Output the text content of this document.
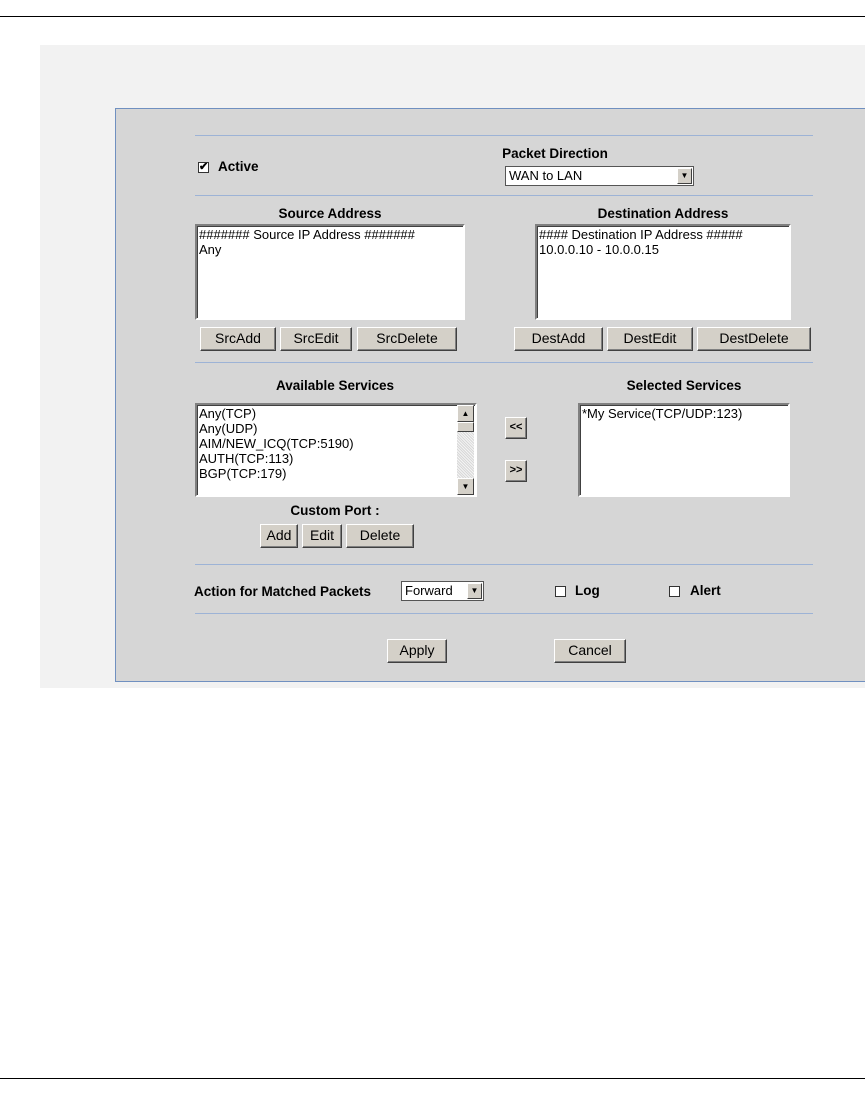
✔ Active
Packet Direction
WAN to LAN	▼
Source Address	Destination Address
####### Source IP Address #######
Any
#### Destination IP Address #####
10.0.0.10 - 10.0.0.15
SrcAdd	SrcEdit	SrcDelete	DestAdd	DestEdit	DestDelete
Available Services	Selected Services
Any(TCP)
Any(UDP)
AIM/NEW_ICQ(TCP:5190)
AUTH(TCP:113)
BGP(TCP:179)
▲
▼
<<
>>
*My Service(TCP/UDP:123)
Custom Port :
Add	Edit	Delete
Action for Matched Packets	Forward	▼	Log	Alert
Apply	Cancel
